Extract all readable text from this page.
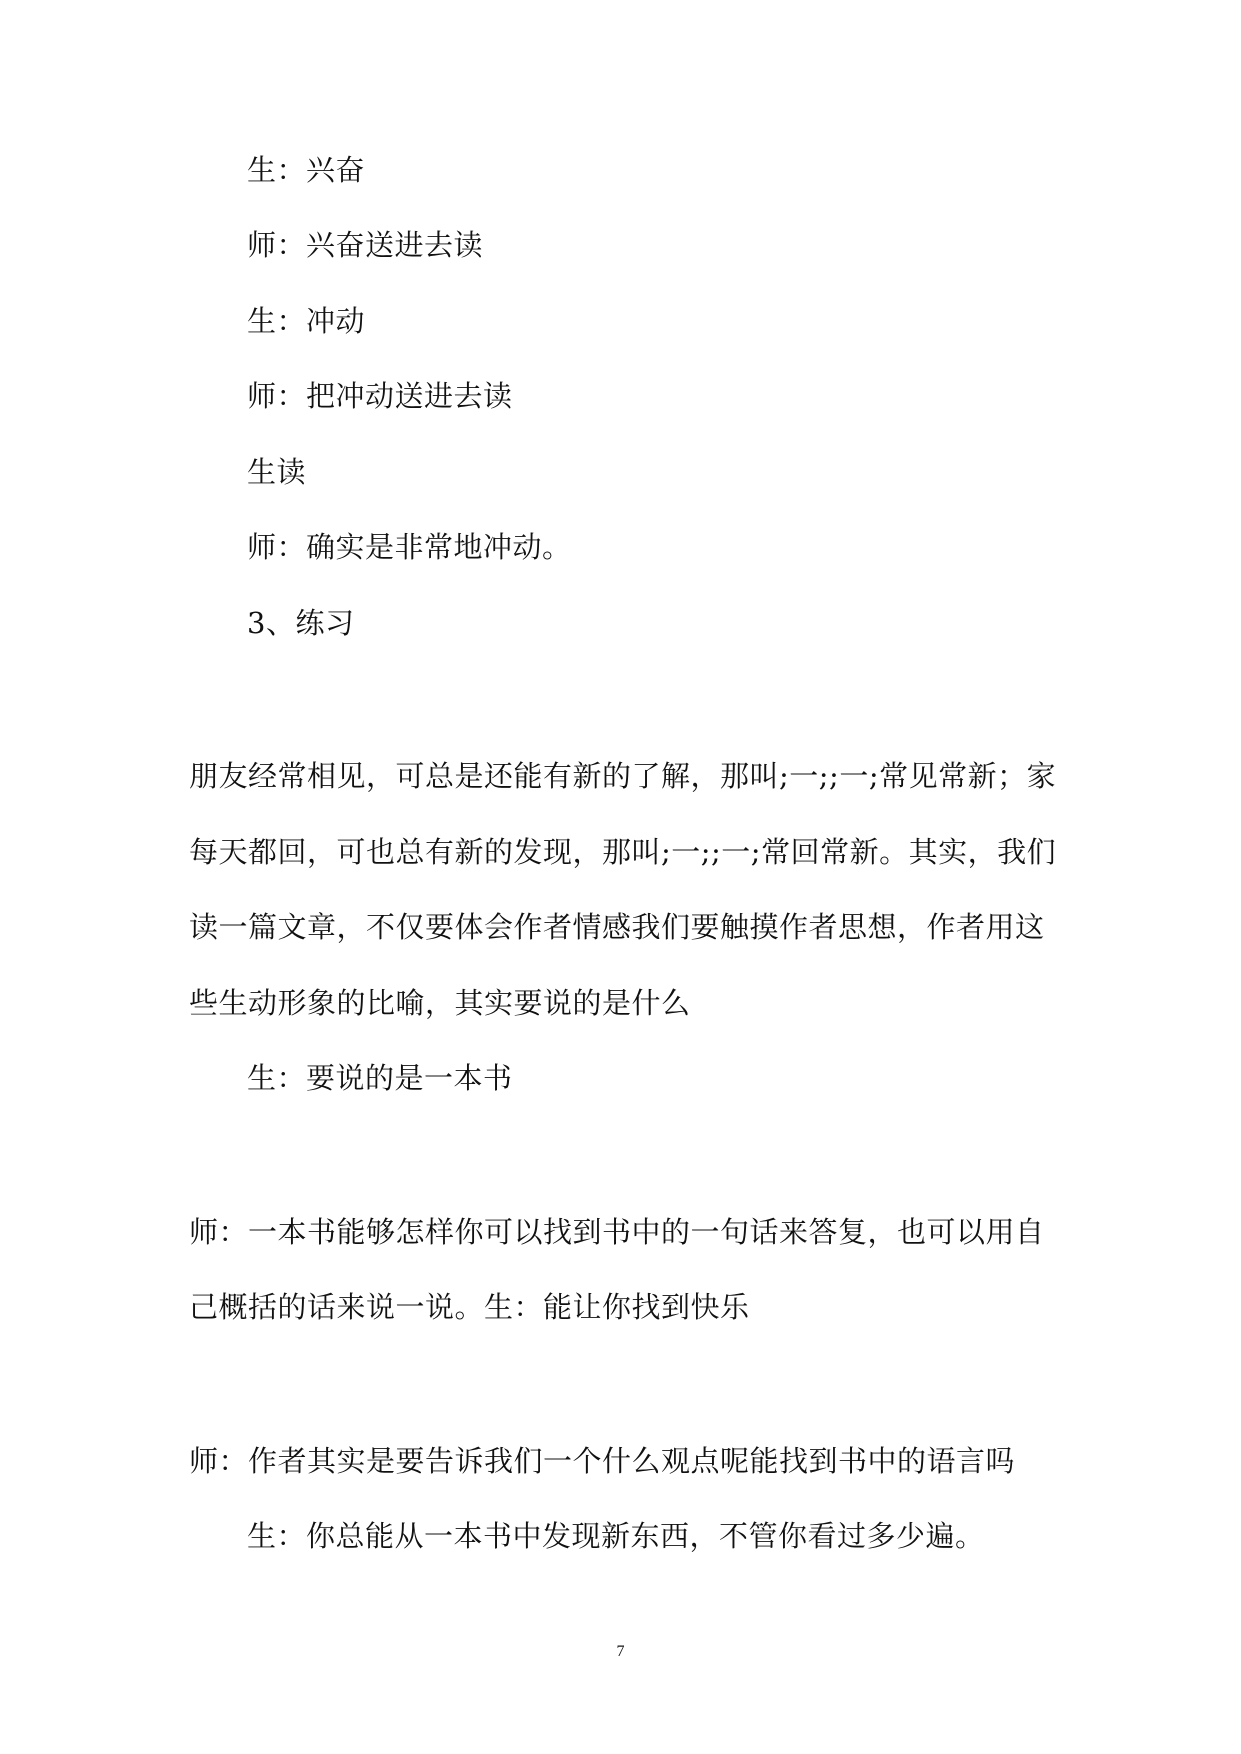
生：兴奋
师：兴奋送进去读
生：冲动
师：把冲动送进去读
生读
师：确实是非常地冲动。
3、练习
朋友经常相见，可总是还能有新的了解，那叫;一;;一;常见常新；家
每天都回，可也总有新的发现，那叫;一;;一;常回常新。其实，我们
读一篇文章，不仅要体会作者情感我们要触摸作者思想，作者用这
些生动形象的比喻，其实要说的是什么
生：要说的是一本书
师：一本书能够怎样你可以找到书中的一句话来答复，也可以用自
己概括的话来说一说。生：能让你找到快乐
师：作者其实是要告诉我们一个什么观点呢能找到书中的语言吗
生：你总能从一本书中发现新东西，不管你看过多少遍。
7
